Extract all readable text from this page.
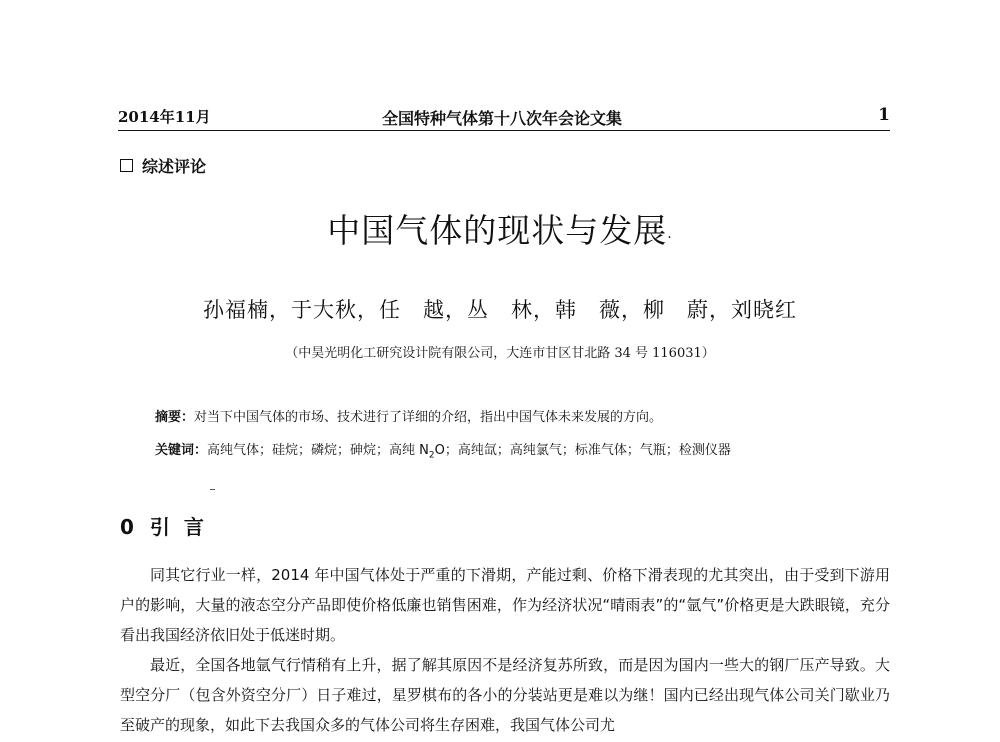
2014年11月	全国特种气体第十八次年会论文集	1
综述评论
中国气体的现状与发展·
孙福楠，于大秋，任　越，丛　林，韩　薇，柳　蔚，刘晓红
（中昊光明化工研究设计院有限公司，大连市甘区甘北路 34 号 116031）
摘要：对当下中国气体的市场、技术进行了详细的介绍，指出中国气体未来发展的方向。
关键词：高纯气体；硅烷；磷烷；砷烷；高纯 $N_2O$；高纯氙；高纯氯气；标准气体；气瓶；检测仪器
0 引 言

同其它行业一样，2014 年中国气体处于严重的下滑期，产能过剩、价格下滑表现的尤其突出，由于受到下游用户的影响，大量的液态空分产品即使价格低廉也销售困难，作为经济状况“晴雨表”的“氩气”价格更是大跌眼镜，充分看出我国经济依旧处于低迷时期。

最近，全国各地氩气行情稍有上升，据了解其原因不是经济复苏所致，而是因为国内一些大的钢厂压产导致。大型空分厂（包含外资空分厂）日子难过，星罗棋布的各小的分装站更是难以为继！国内已经出现气体公司关门歇业乃至破产的现象，如此下去我国众多的气体公司将生存困难，我国气体公司尤
